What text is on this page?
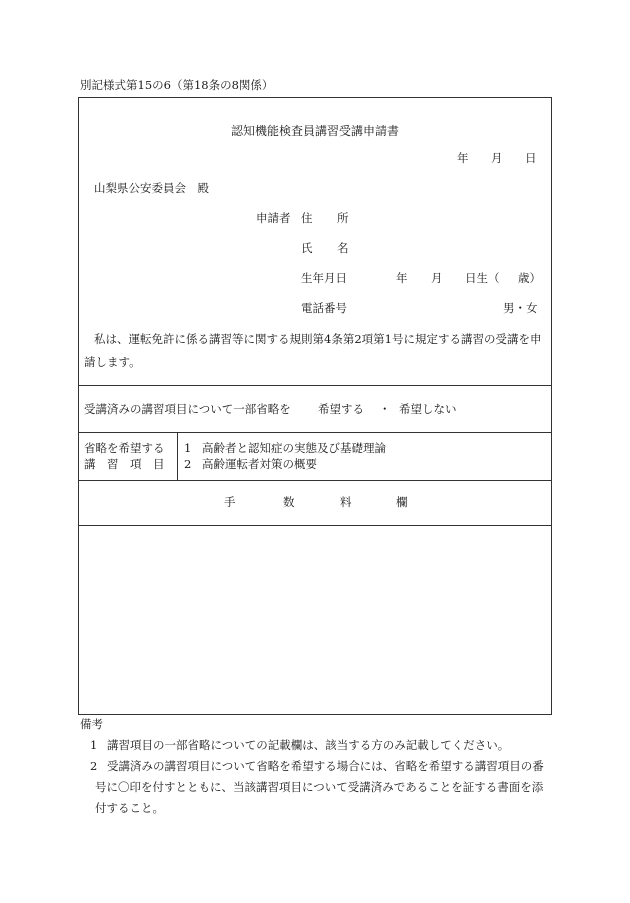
別記様式第15の6（第18条の8関係）
認知機能検査員講習受講申請書
年 月 日
山梨県公安委員会　殿
申請者 住 所
氏 名
生年月日	年 月 日生（ 歳）
電話番号	男・女
私は、運転免許に係る講習等に関する規則第4条第2項第1号に規定する講習の受講を申
請します。
受講済みの講習項目について一部省略を 希望する ・ 希望しない
省略を希望する
講　習　項　目
1 高齢者と認知症の実態及び基礎理論
2 高齢運転者対策の概要
手	数	料	欄
備考
1 講習項目の一部省略についての記載欄は、該当する方のみ記載してください。
2 受講済みの講習項目について省略を希望する場合には、省略を希望する講習項目の番
号に〇印を付すとともに、当該講習項目について受講済みであることを証する書面を添
付すること。
